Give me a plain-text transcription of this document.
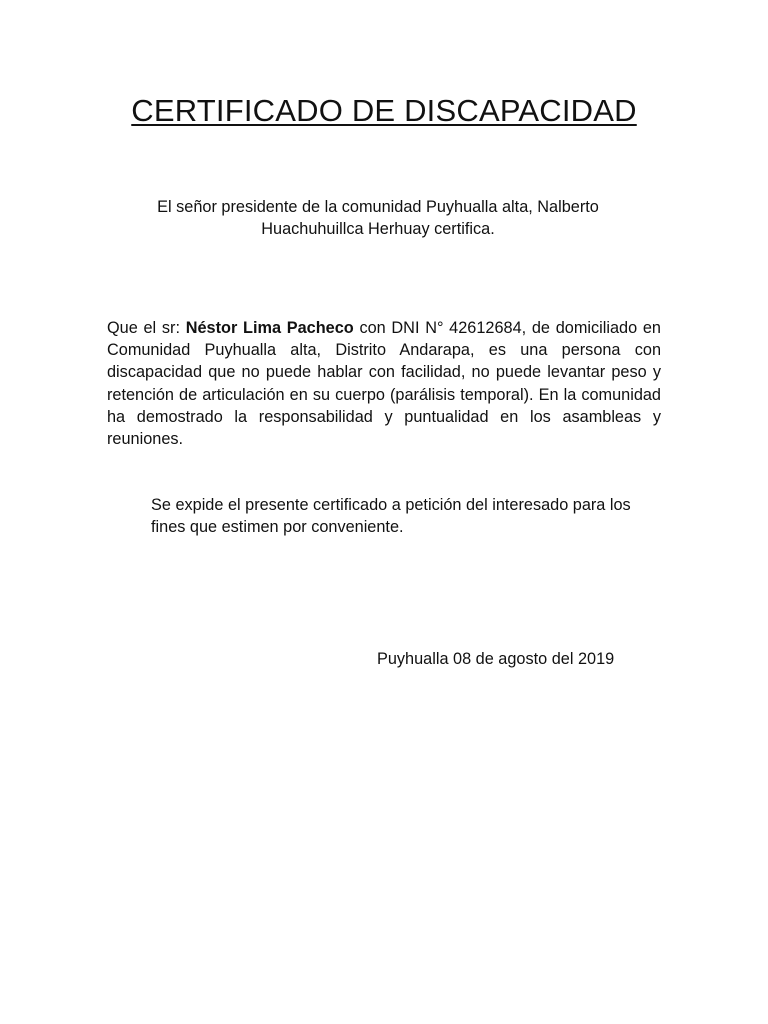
CERTIFICADO DE DISCAPACIDAD
El señor presidente de la comunidad Puyhualla alta, Nalberto Huachuhuillca Herhuay certifica.
Que el sr: Néstor Lima Pacheco con DNI N° 42612684, de domiciliado en Comunidad Puyhualla alta, Distrito Andarapa, es una persona con discapacidad que no puede hablar con facilidad, no puede levantar peso y retención de articulación en su cuerpo (parálisis temporal). En la comunidad ha demostrado la responsabilidad y puntualidad en los asambleas y reuniones.
Se expide el presente certificado a petición del interesado para los fines que estimen por conveniente.
Puyhualla 08 de agosto del 2019
